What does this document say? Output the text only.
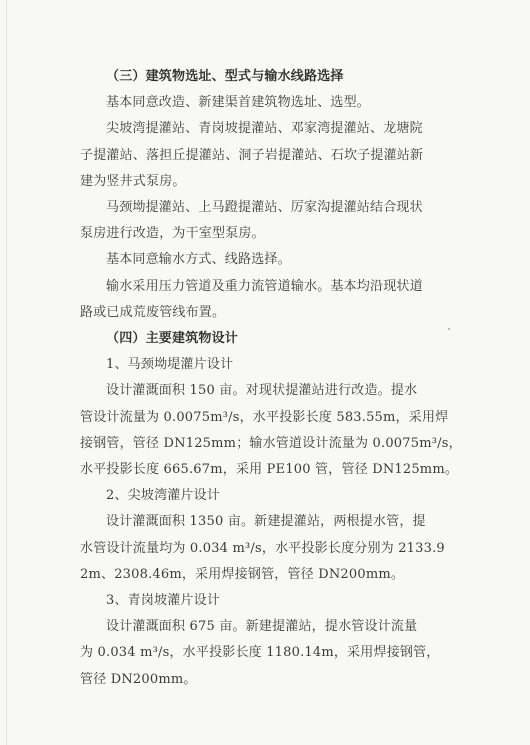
（三）建筑物选址、型式与输水线路选择

基本同意改造、新建渠首建筑物选址、选型。

尖坡湾提灌站、青岗坡提灌站、邓家湾提灌站、龙塘院
子提灌站、落担丘提灌站、洞子岩提灌站、石坎子提灌站新
建为竖井式泵房。
马颈坳提灌站、上马蹬提灌站、厉家沟提灌站结合现状
泵房进行改造，为干室型泵房。

基本同意输水方式、线路选择。

输水采用压力管道及重力流管道输水。基本均沿现状道
路或已成荒废管线布置。

（四）主要建筑物设计

1、马颈坳堤灌片设计

设计灌溉面积 150 亩。对现状提灌站进行改造。提水
管设计流量为 0.0075m³/s，水平投影长度 583.55m，采用焊
接钢管，管径 DN125mm；输水管道设计流量为 0.0075m³/s，
水平投影长度 665.67m，采用 PE100 管，管径 DN125mm。

2、尖坡湾灌片设计

设计灌溉面积 1350 亩。新建提灌站，两根提水管，提
水管设计流量均为 0.034 m³/s，水平投影长度分别为 2133.9
2m、2308.46m，采用焊接钢管，管径 DN200mm。

3、青岗坡灌片设计

设计灌溉面积 675 亩。新建提灌站，提水管设计流量
为 0.034 m³/s，水平投影长度 1180.14m，采用焊接钢管，
管径 DN200mm。
